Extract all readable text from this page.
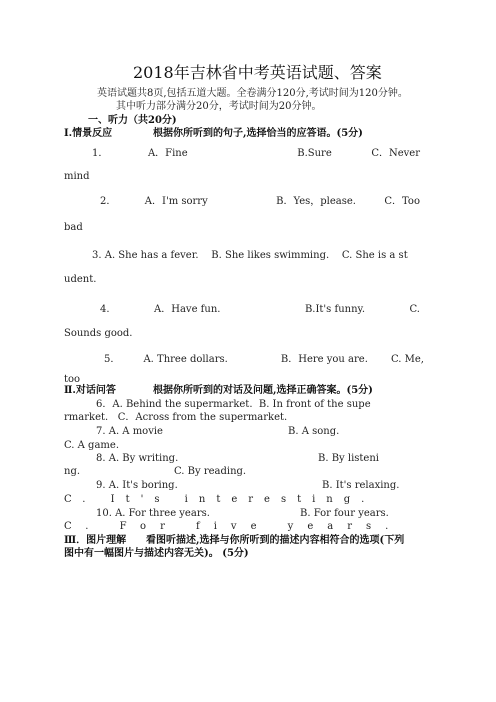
2018年吉林省中考英语试题、答案
英语试题共8页,包括五道大题。全卷满分120分,考试时间为120分钟。
其中听力部分满分20分，考试时间为20分钟。
一、听力（共20分)
Ⅰ.情景反应	根据你所听到的句子,选择恰当的应答语。(5分)
1．	A．Fine	B.Sure	C．Never
mind
2．	A．I'm sorry	B．Yes，please.	C．Too
bad
3. A. She has a fever.    B. She likes swimming.    C. She is a st
udent.
4.	A．Have fun.	B.It's funny.	C.
Sounds good.
5． A. Three dollars.	B．Here you are. C. Me,
too
Ⅱ.对话问答	根据你所听到的对话及问题,选择正确答案。(5分)
6．A. Behind the supermarket.  B. In front of the supe
rmarket.   C．Across from the supermarket.
7. A. A movie	B. A song.
C. A game.
8. A. By writing.	B. By listeni
ng.	C. By reading.
9. A. It's boring.	B. It's relaxing.
C. It's interesting.
10. A. For three years.	B. For four years.
C. For five years.
Ⅲ．图片理解 看图听描述,选择与你所听到的描述内容相符合的选项(下列
图中有一幅图片与描述内容无关)。 (5分)
